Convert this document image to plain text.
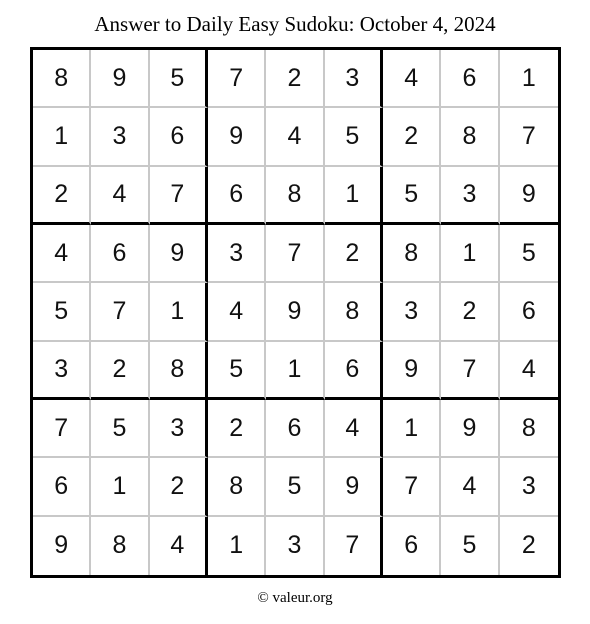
Answer to Daily Easy Sudoku: October 4, 2024
8	9	5	7	2	3	4	6	1
1	3	6	9	4	5	2	8	7
2	4	7	6	8	1	5	3	9
4	6	9	3	7	2	8	1	5
5	7	1	4	9	8	3	2	6
3	2	8	5	1	6	9	7	4
7	5	3	2	6	4	1	9	8
6	1	2	8	5	9	7	4	3
9	8	4	1	3	7	6	5	2
© valeur.org
